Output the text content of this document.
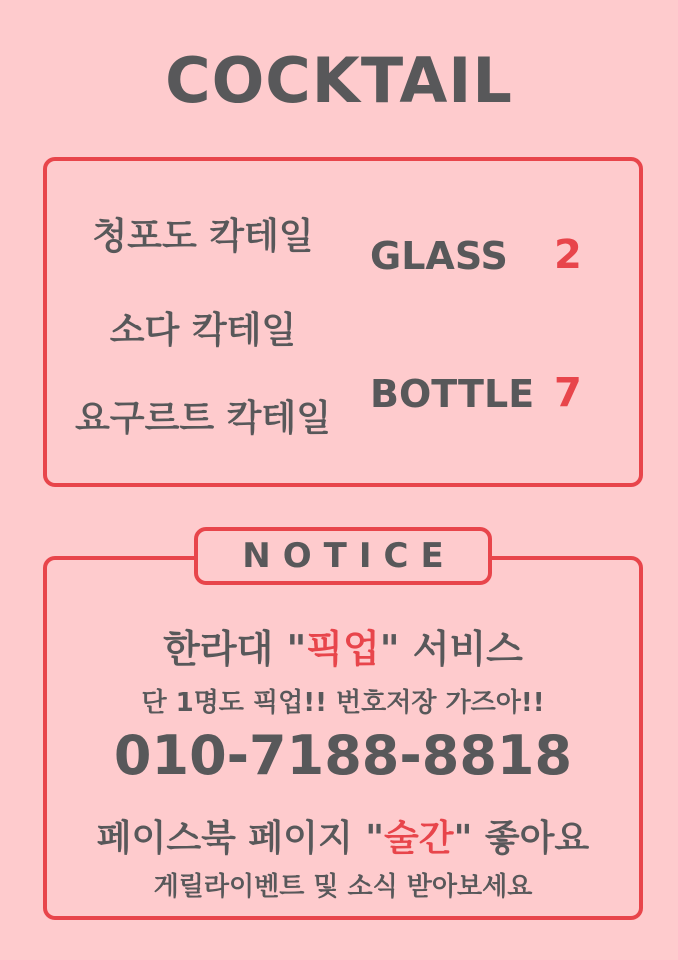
COCKTAIL
청포도 칵테일
소다 칵테일
요구르트 칵테일
GLASS 2
BOTTLE 7
NOTICE
한라대 "픽업" 서비스
단 1명도 픽업!! 번호저장 가즈아!!
010-7188-8818
페이스북 페이지 "술간" 좋아요
게릴라이벤트 및 소식 받아보세요
